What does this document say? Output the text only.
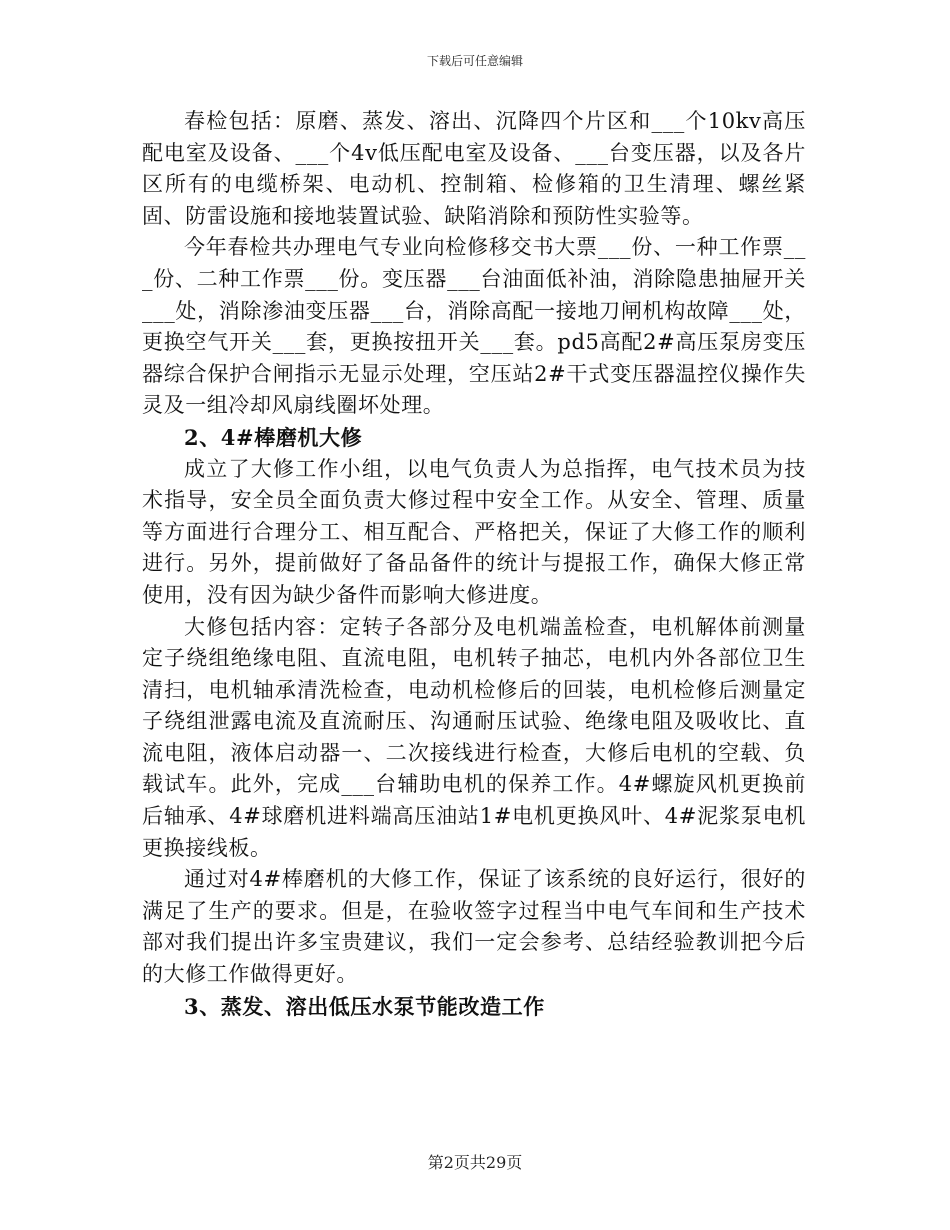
下载后可任意编辑

春检包括：原磨、蒸发、溶出、沉降四个片区和___个10kv高压配电室及设备、___个4v低压配电室及设备、___台变压器，以及各片区所有的电缆桥架、电动机、控制箱、检修箱的卫生清理、螺丝紧固、防雷设施和接地装置试验、缺陷消除和预防性实验等。

今年春检共办理电气专业向检修移交书大票___份、一种工作票___份、二种工作票___份。变压器___台油面低补油，消除隐患抽屉开关___处，消除渗油变压器___台，消除高配一接地刀闸机构故障___处，更换空气开关___套，更换按扭开关___套。pd5高配2#高压泵房变压器综合保护合闸指示无显示处理，空压站2#干式变压器温控仪操作失灵及一组冷却风扇线圈坏处理。

2、4#棒磨机大修

成立了大修工作小组，以电气负责人为总指挥，电气技术员为技术指导，安全员全面负责大修过程中安全工作。从安全、管理、质量等方面进行合理分工、相互配合、严格把关，保证了大修工作的顺利进行。另外，提前做好了备品备件的统计与提报工作，确保大修正常使用，没有因为缺少备件而影响大修进度。

大修包括内容：定转子各部分及电机端盖检查，电机解体前测量定子绕组绝缘电阻、直流电阻，电机转子抽芯，电机内外各部位卫生清扫，电机轴承清洗检查，电动机检修后的回装，电机检修后测量定子绕组泄露电流及直流耐压、沟通耐压试验、绝缘电阻及吸收比、直流电阻，液体启动器一、二次接线进行检查，大修后电机的空载、负载试车。此外，完成___台辅助电机的保养工作。4#螺旋风机更换前后轴承、4#球磨机进料端高压油站1#电机更换风叶、4#泥浆泵电机更换接线板。

通过对4#棒磨机的大修工作，保证了该系统的良好运行，很好的满足了生产的要求。但是，在验收签字过程当中电气车间和生产技术部对我们提出许多宝贵建议，我们一定会参考、总结经验教训把今后的大修工作做得更好。

3、蒸发、溶出低压水泵节能改造工作

第2页共29页
